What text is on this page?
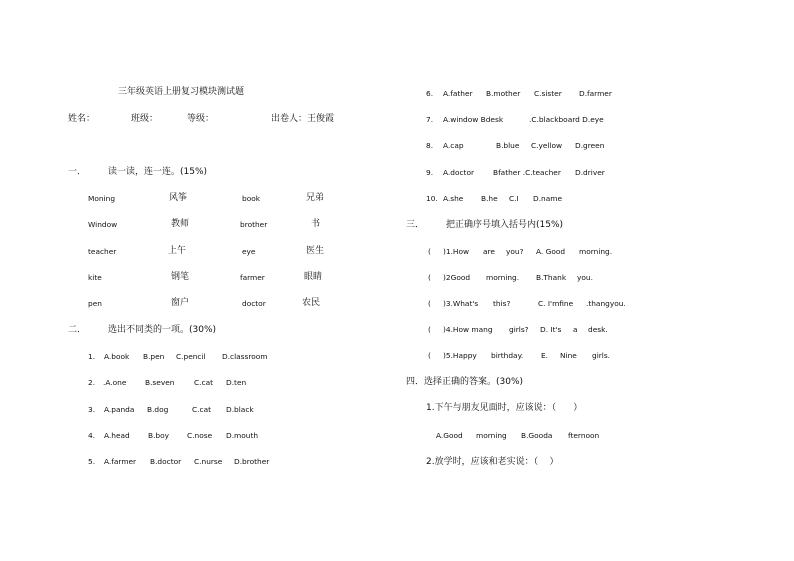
三年级英语上册复习模块测试题
姓名：	班级：	等级：	出卷人：王俊霞
一． 读一读，连一连。(15%)
Moning	风筝	book	兄弟
Window	教师	brother	书
teacher	上午	eye	医生
kite	钢笔	farmer	眼睛
pen	窗户	doctor	农民
二． 选出不同类的一项。(30%)
1. A.book B.pen C.pencil D.classroom
2. .A.one	B.seven	C.cat D.ten
3. A.panda B.dog	C.cat D.black
4. A.head B.boy C.nose D.mouth
5. A.farmer B.doctor C.nurse D.brother
6. A.father B.mother C.sister D.farmer
7. A.window Bdesk	.C.blackboard D.eye
8. A.cap	B.blue C.yellow D.green
9. A.doctor	Bfather .C.teacher D.driver
10. A.she B.he C.I D.name
三． 把正确序号填入括号内(15%)
( )1.How are you? A. Good morning.
( )2Good morning. B.Thank you.
( )3.What's this?	C. I'mfine .thangyou.
( )4.How mang girls? D. It's a desk.
( )5.Happy birthday. E. Nine girls.
四．选择正确的答案。(30%)
1.下午与朋友见面时，应该说：（      ）
A.Good morning B.Gooda fternoon
2.放学时，应该和老实说：（    ）
